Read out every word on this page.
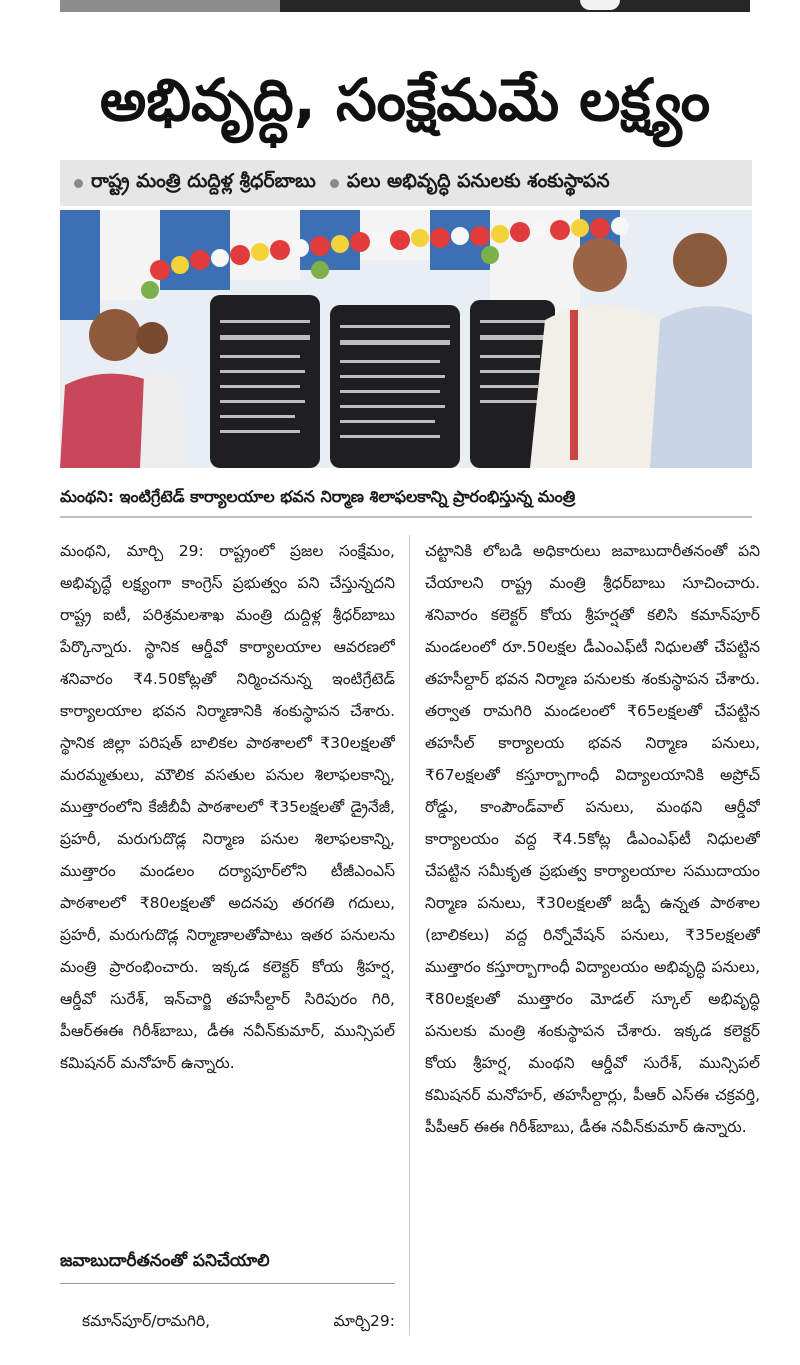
అభివృద్ధి, సంక్షేమమే లక్ష్యం
రాష్ట్ర మంత్రి దుద్దిళ్ల శ్రీధర్‌బాబు పలు అభివృద్ధి పనులకు శంకుస్థాపన
మంథని: ఇంటిగ్రేటెడ్ కార్యాలయాల భవన నిర్మాణ శిలాఫలకాన్ని ప్రారంభిస్తున్న మంత్రి
మంథని, మార్చి 29: రాష్ట్రంలో ప్రజల సంక్షేమం, అభివృద్ధే లక్ష్యంగా కాంగ్రెస్ ప్రభుత్వం పని చేస్తున్నదని రాష్ట్ర ఐటీ, పరిశ్రమలశాఖ మంత్రి దుద్దిళ్ల శ్రీధర్‌బాబు పేర్కొన్నారు. స్థానిక ఆర్డీవో కార్యాలయాల ఆవరణలో శనివారం ₹4.50కోట్లతో నిర్మించనున్న ఇంటిగ్రేటెడ్ కార్యాలయాల భవన నిర్మాణానికి శంకుస్థాపన చేశారు. స్థానిక జిల్లా పరిషత్ బాలికల పాఠశాలలో ₹30లక్షలతో మరమ్మతులు, మౌలిక వసతుల పనుల శిలాఫలకాన్ని, ముత్తారంలోని కేజీబీవీ పాఠశాలలో ₹35లక్షలతో డ్రైనేజీ, ప్రహరీ, మరుగుదొడ్ల నిర్మాణ పనుల శిలాఫలకాన్ని, ముత్తారం మండలం దర్యాపూర్‌లోని టీజీఎంఎస్ పాఠశాలలో ₹80లక్షలతో అదనపు తరగతి గదులు, ప్రహరీ, మరుగుదొడ్ల నిర్మాణాలతోపాటు ఇతర పనులను మంత్రి ప్రారంభించారు. ఇక్కడ కలెక్టర్ కోయ శ్రీహర్ష, ఆర్డీవో సురేశ్, ఇన్‌చార్జి తహసీల్దార్ సిరిపురం గిరి, పీఆర్‌ఈఈ గిరీశ్‌బాబు, డీఈ నవీన్‌కుమార్, మున్సిపల్ కమిషనర్ మనోహర్ ఉన్నారు.
చట్టానికి లోబడి అధికారులు జవాబుదారీతనంతో పని చేయాలని రాష్ట్ర మంత్రి శ్రీధర్‌బాబు సూచించారు. శనివారం కలెక్టర్ కోయ శ్రీహర్షతో కలిసి కమాన్‌పూర్ మండలంలో రూ.50లక్షల డీఎంఎఫ్‌టీ నిధులతో చేపట్టిన తహసీల్దార్ భవన నిర్మాణ పనులకు శంకుస్థాపన చేశారు. తర్వాత రామగిరి మండలంలో ₹65లక్షలతో చేపట్టిన తహసీల్ కార్యాలయ భవన నిర్మాణ పనులు, ₹67లక్షలతో కస్తూర్బాగాంధీ విద్యాలయానికి అప్రోచ్ రోడ్డు, కాంపౌండ్‌వాల్ పనులు, మంథని ఆర్డీవో కార్యాలయం వద్ద ₹4.5కోట్ల డీఎంఎఫ్‌టీ నిధులతో చేపట్టిన సమీకృత ప్రభుత్వ కార్యాలయాల సముదాయం నిర్మాణ పనులు, ₹30లక్షలతో జడ్పీ ఉన్నత పాఠశాల (బాలికలు) వద్ద రిన్నోవేషన్ పనులు, ₹35లక్షలతో ముత్తారం కస్తూర్బాగాంధీ విద్యాలయం అభివృద్ధి పనులు, ₹80లక్షలతో ముత్తారం మోడల్ స్కూల్ అభివృద్ధి పనులకు మంత్రి శంకుస్థాపన చేశారు. ఇక్కడ కలెక్టర్ కోయ శ్రీహర్ష, మంథని ఆర్డీవో సురేశ్, మున్సిపల్ కమిషనర్ మనోహర్, తహసీల్దార్లు, పీఆర్ ఎస్‌ఈ చక్రవర్తి, పీపీఆర్ ఈఈ గిరీశ్‌బాబు, డీఈ నవీన్‌కుమార్ ఉన్నారు.
జవాబుదారీతనంతో పనిచేయాలి
కమాన్‌పూర్/రామగిరి,	మార్చి29:
